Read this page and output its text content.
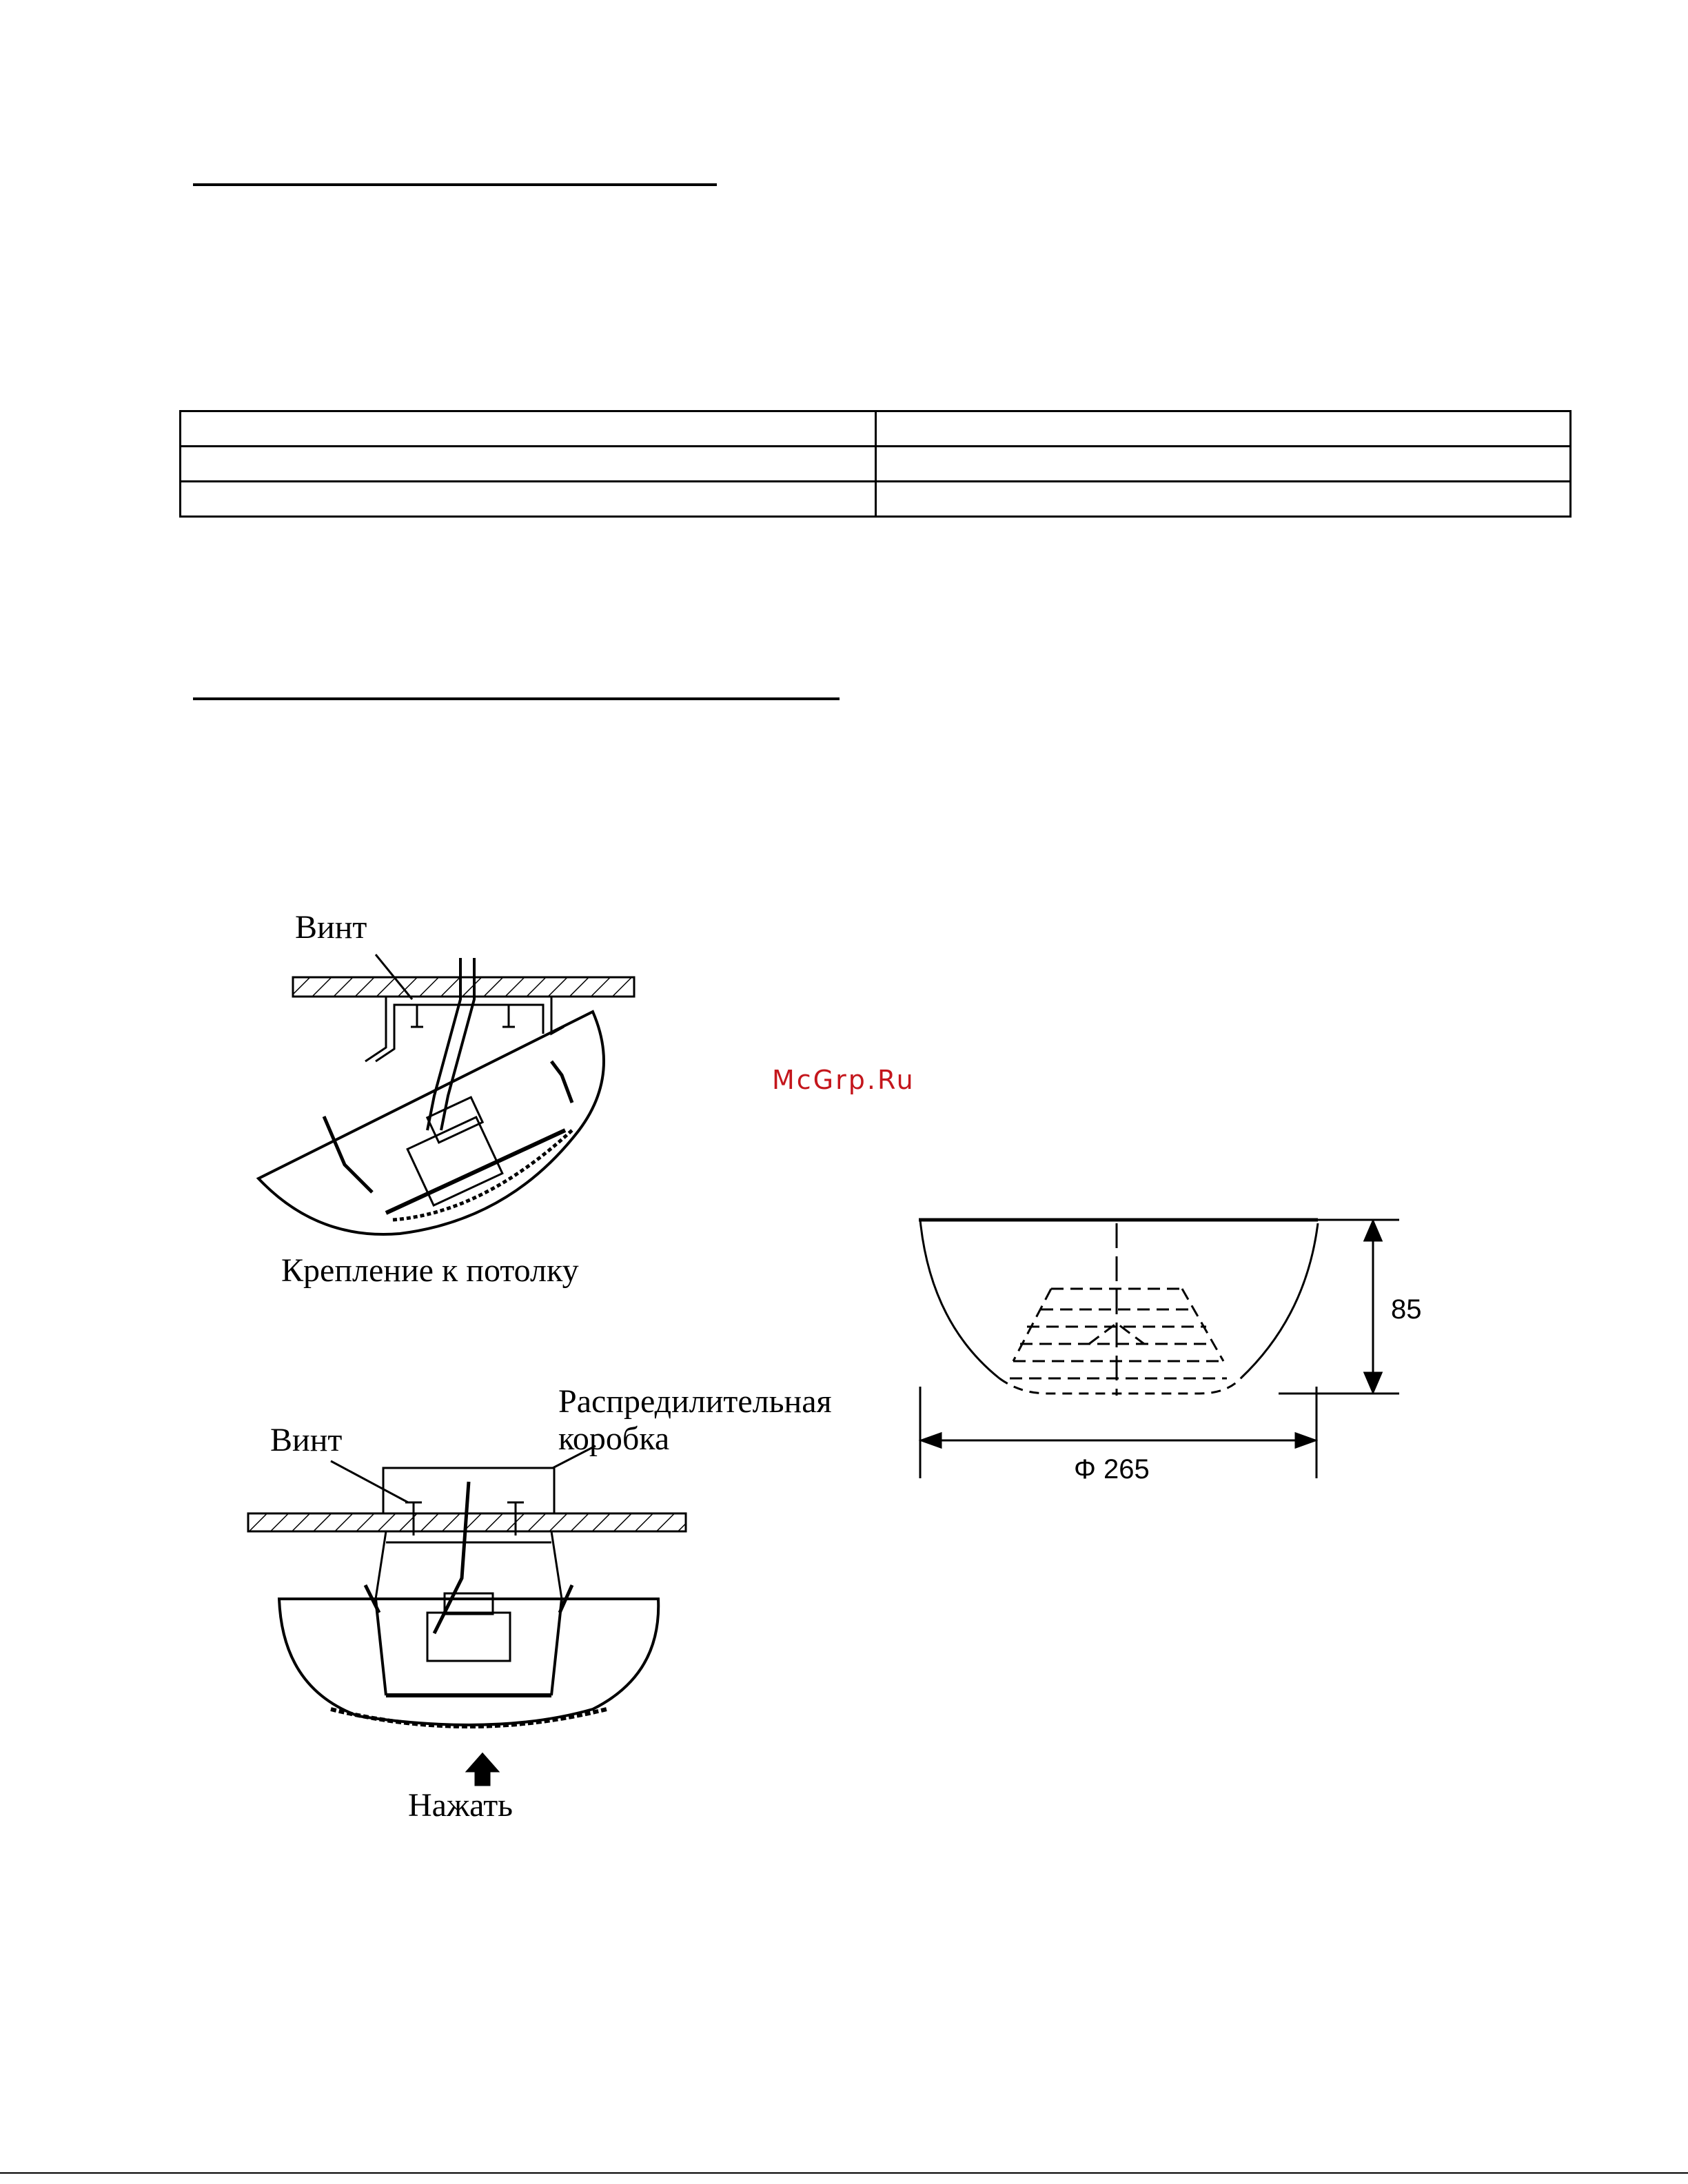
Винт
Крепление к потолку
Винт
Распредилительная
коробка
Нажать
85
Φ 265
McGrp.Ru
